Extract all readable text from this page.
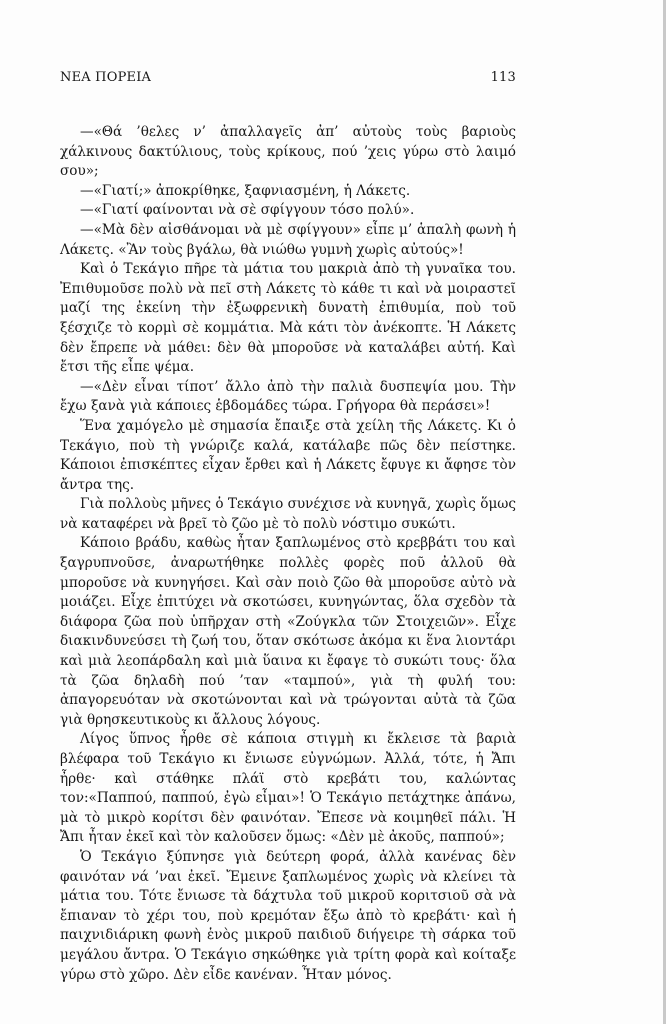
ΝΕΑ ΠΟΡΕΙΑ	113

—«Θά ’θελες ν’ ἀπαλλαγεῖς ἀπ’ αὐτοὺς τοὺς βαριοὺς χάλκινους δακτύλιους, τοὺς κρίκους, πού ’χεις γύρω στὸ λαιμό σου»;

—«Γιατί;» ἀποκρίθηκε, ξαφνιασμένη, ἡ Λάκετς.

—«Γιατί φαίνονται νὰ σὲ σφίγγουν τόσο πολύ».

—«Μὰ δὲν αἰσθάνομαι νὰ μὲ σφίγγουν» εἶπε μ’ ἁπαλὴ φωνὴ ἡ Λάκετς. «Ἂν τοὺς βγάλω, θὰ νιώθω γυμνὴ χωρὶς αὐτούς»!

Καὶ ὁ Τεκάγιο πῆρε τὰ μάτια του μακριὰ ἀπὸ τὴ γυναῖκα του. Ἐπιθυμοῦσε πολὺ νὰ πεῖ στὴ Λάκετς τὸ κάθε τι καὶ νὰ μοιραστεῖ μαζί της ἐκείνη τὴν ἐξωφρενικὴ δυνατὴ ἐπιθυμία, ποὺ τοῦ ξέσχιζε τὸ κορμὶ σὲ κομμάτια. Μὰ κάτι τὸν ἀνέκοπτε. Ἡ Λάκετς δὲν ἔπρεπε νὰ μάθει: δὲν θὰ μποροῦσε νὰ καταλάβει αὐτή. Καὶ ἔτσι τῆς εἶπε ψέμα.

—«Δὲν εἶναι τίποτ’ ἄλλο ἀπὸ τὴν παλιὰ δυσπεψία μου. Τὴν ἔχω ξανὰ γιὰ κάποιες ἑβδομάδες τώρα. Γρήγορα θὰ περάσει»!

Ἕνα χαμόγελο μὲ σημασία ἔπαιξε στὰ χείλη τῆς Λάκετς. Κι ὁ Τεκάγιο, ποὺ τὴ γνώριζε καλά, κατάλαβε πῶς δὲν πείστηκε. Κάποιοι ἐπισκέπτες εἶχαν ἔρθει καὶ ἡ Λάκετς ἔφυγε κι ἄφησε τὸν ἄντρα της.

Γιὰ πολλοὺς μῆνες ὁ Τεκάγιο συνέχισε νὰ κυνηγᾶ, χωρὶς ὅμως νὰ καταφέρει νὰ βρεῖ τὸ ζῶο μὲ τὸ πολὺ νόστιμο συκώτι.

Κάποιο βράδυ, καθὼς ἦταν ξαπλωμένος στὸ κρεββάτι του καὶ ξαγρυπνοῦσε, ἀναρωτήθηκε πολλὲς φορὲς ποῦ ἀλλοῦ θὰ μποροῦσε νὰ κυνηγήσει. Καὶ σὰν ποιὸ ζῶο θὰ μποροῦσε αὐτὸ νὰ μοιάζει. Εἶχε ἐπιτύχει νὰ σκοτώσει, κυνηγώντας, ὅλα σχεδὸν τὰ διάφορα ζῶα ποὺ ὑπῆρχαν στὴ «Ζούγκλα τῶν Στοιχειῶν». Εἶχε διακινδυνεύσει τὴ ζωή του, ὅταν σκότωσε ἀκόμα κι ἕνα λιοντάρι καὶ μιὰ λεοπάρδαλη καὶ μιὰ ὕαινα κι ἔφαγε τὸ συκώτι τους· ὅλα τὰ ζῶα δηλαδὴ πού ’ταν «ταμπού», γιὰ τὴ φυλή του: ἀπαγορευόταν νὰ σκοτώνονται καὶ νὰ τρώγονται αὐτὰ τὰ ζῶα γιὰ θρησκευτικοὺς κι ἄλλους λόγους.

Λίγος ὕπνος ἦρθε σὲ κάποια στιγμὴ κι ἔκλεισε τὰ βαριὰ βλέφαρα τοῦ Τεκάγιο κι ἔνιωσε εὐγνώμων. Ἀλλά, τότε, ἡ Ἄπι ἦρθε· καὶ στάθηκε πλάϊ στὸ κρεβάτι του, καλώντας τον:«Παππού, παππού, ἐγὼ εἶμαι»! Ὁ Τεκάγιο πετάχτηκε ἀπάνω, μὰ τὸ μικρὸ κορίτσι δὲν φαινόταν. Ἔπεσε νὰ κοιμηθεῖ πάλι. Ἡ Ἄπι ἦταν ἐκεῖ καὶ τὸν καλοῦσεν ὅμως: «Δὲν μὲ ἀκοῦς, παππού»;

Ὁ Τεκάγιο ξύπνησε γιὰ δεύτερη φορά, ἀλλὰ κανένας δὲν φαινόταν νά ’ναι ἐκεῖ. Ἔμεινε ξαπλωμένος χωρὶς νὰ κλείνει τὰ μάτια του. Τότε ἔνιωσε τὰ δάχτυλα τοῦ μικροῦ κοριτσιοῦ σὰ νὰ ἔπιαναν τὸ χέρι του, ποὺ κρεμόταν ἔξω ἀπὸ τὸ κρεβάτι· καὶ ἡ παιχνιδιάρικη φωνὴ ἑνὸς μικροῦ παιδιοῦ διήγειρε τὴ σάρκα τοῦ μεγάλου ἄντρα. Ὁ Τεκάγιο σηκώθηκε γιὰ τρίτη φορὰ καὶ κοίταξε γύρω στὸ χῶρο. Δὲν εἶδε κανέναν. Ἦταν μόνος.
